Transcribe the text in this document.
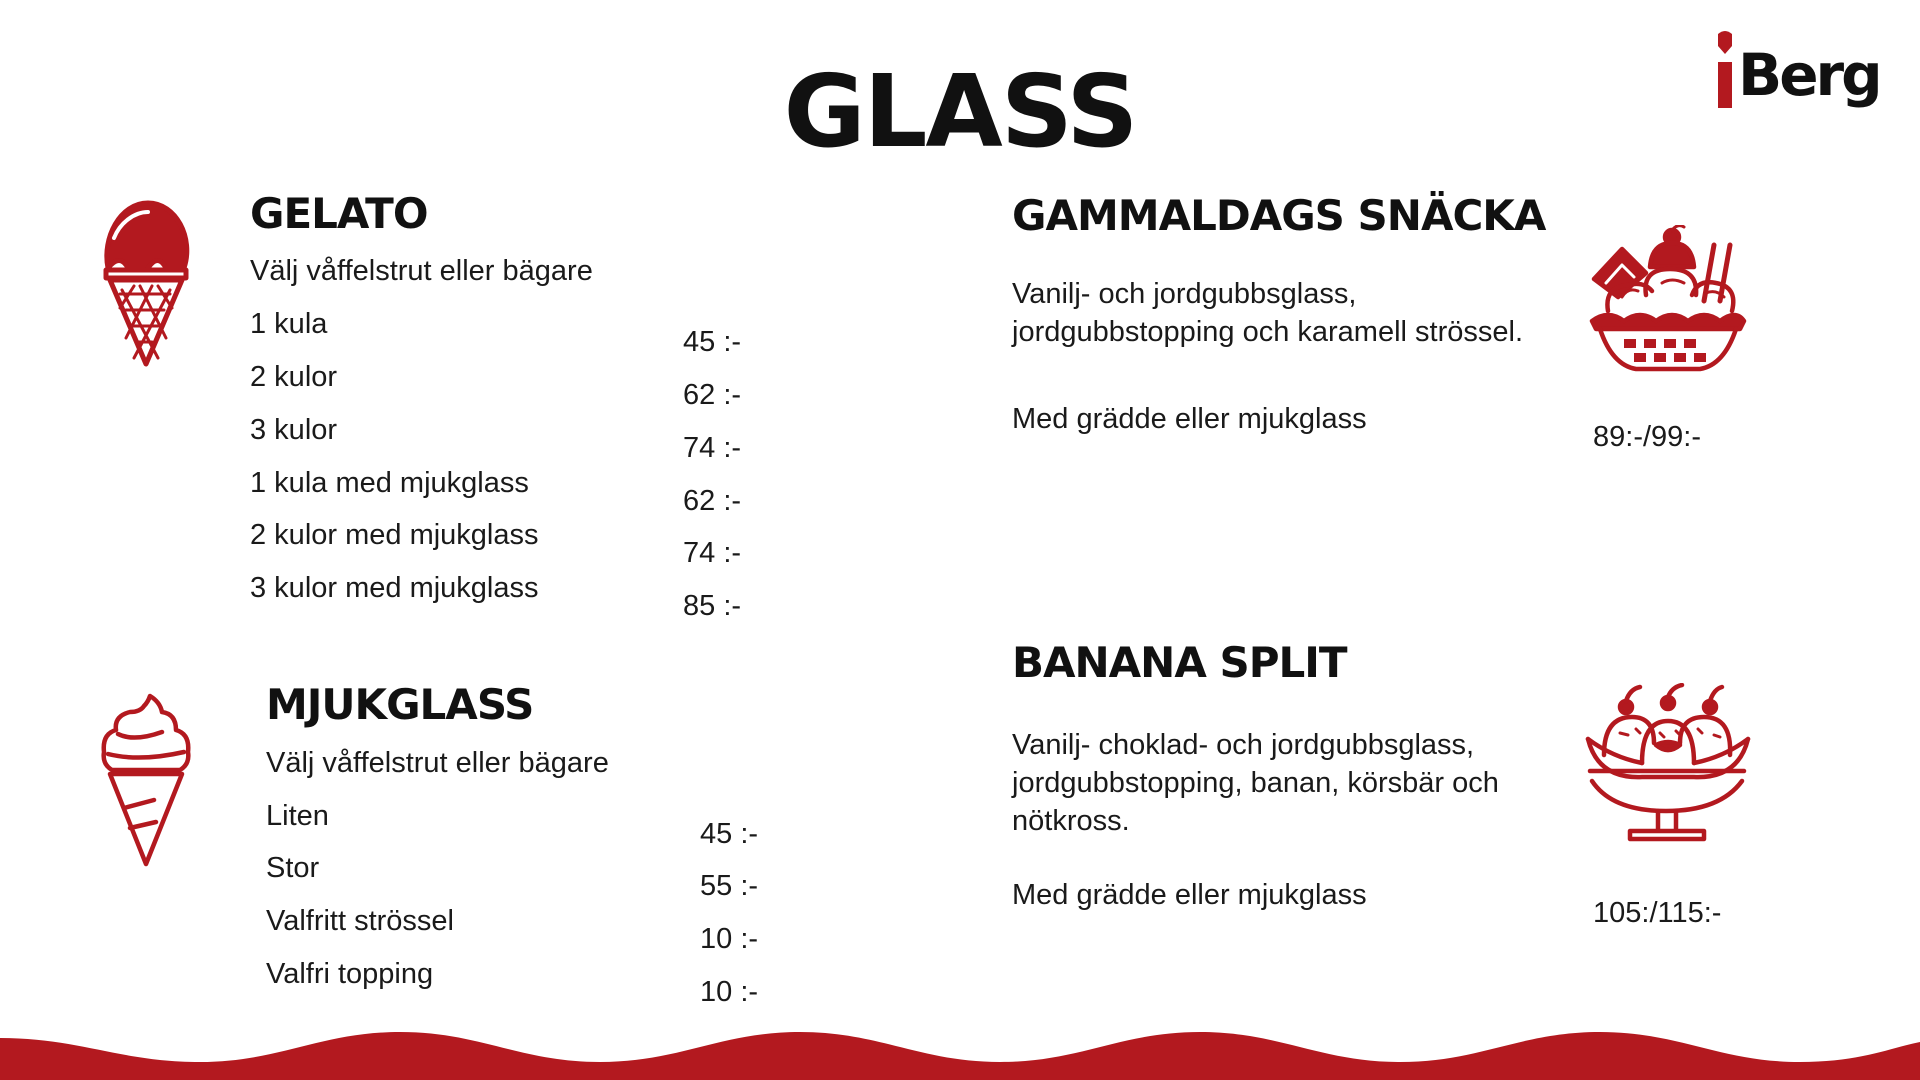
GLASS	Berg
GELATO
Välj våffelstrut eller bägare
1 kula
2 kulor
3 kulor
1 kula med mjukglass
2 kulor med mjukglass
3 kulor med mjukglass
45 :-
62 :-
74 :-
62 :-
74 :-
85 :-
MJUKGLASS
Välj våffelstrut eller bägare
Liten
Stor
Valfritt strössel
Valfri topping
45 :-
55 :-
10 :-
10 :-
GAMMALDAGS SNÄCKA
Vanilj- och jordgubbsglass,
jordgubbstopping och karamell strössel.
Med grädde eller mjukglass
89:-/99:-
BANANA SPLIT
Vanilj- choklad- och jordgubbsglass,
jordgubbstopping, banan, körsbär och
nötkross.
Med grädde eller mjukglass
105:/115:-
